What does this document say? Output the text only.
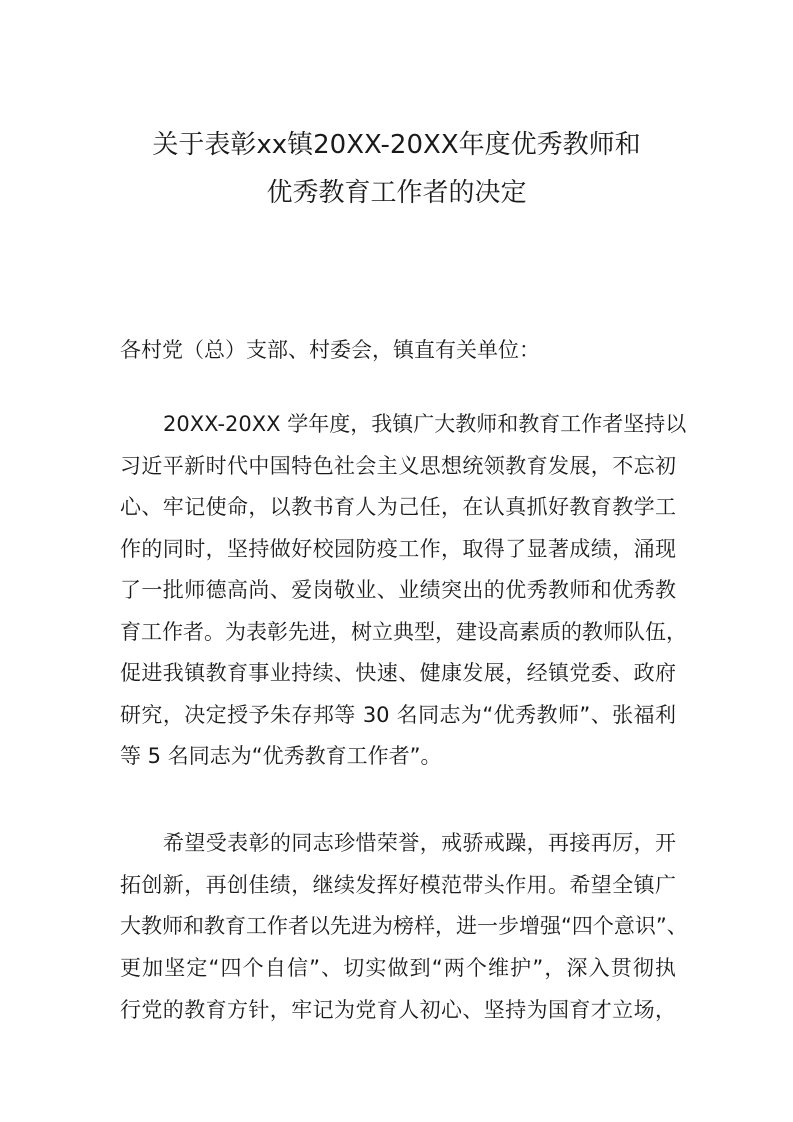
关于表彰xx镇20XX-20XX年度优秀教师和
优秀教育工作者的决定
各村党（总）支部、村委会，镇直有关单位：
20XX-20XX 学年度，我镇广大教师和教育工作者坚持以
习近平新时代中国特色社会主义思想统领教育发展，不忘初
心、牢记使命，以教书育人为己任，在认真抓好教育教学工
作的同时，坚持做好校园防疫工作，取得了显著成绩，涌现
了一批师德高尚、爱岗敬业、业绩突出的优秀教师和优秀教
育工作者。为表彰先进，树立典型，建设高素质的教师队伍，
促进我镇教育事业持续、快速、健康发展，经镇党委、政府
研究，决定授予朱存邦等 30 名同志为“优秀教师”、张福利
等 5 名同志为“优秀教育工作者”。
希望受表彰的同志珍惜荣誉，戒骄戒躁，再接再厉，开
拓创新，再创佳绩，继续发挥好模范带头作用。希望全镇广
大教师和教育工作者以先进为榜样，进一步增强“四个意识”、
更加坚定“四个自信”、切实做到“两个维护”，深入贯彻执
行党的教育方针，牢记为党育人初心、坚持为国育才立场，
